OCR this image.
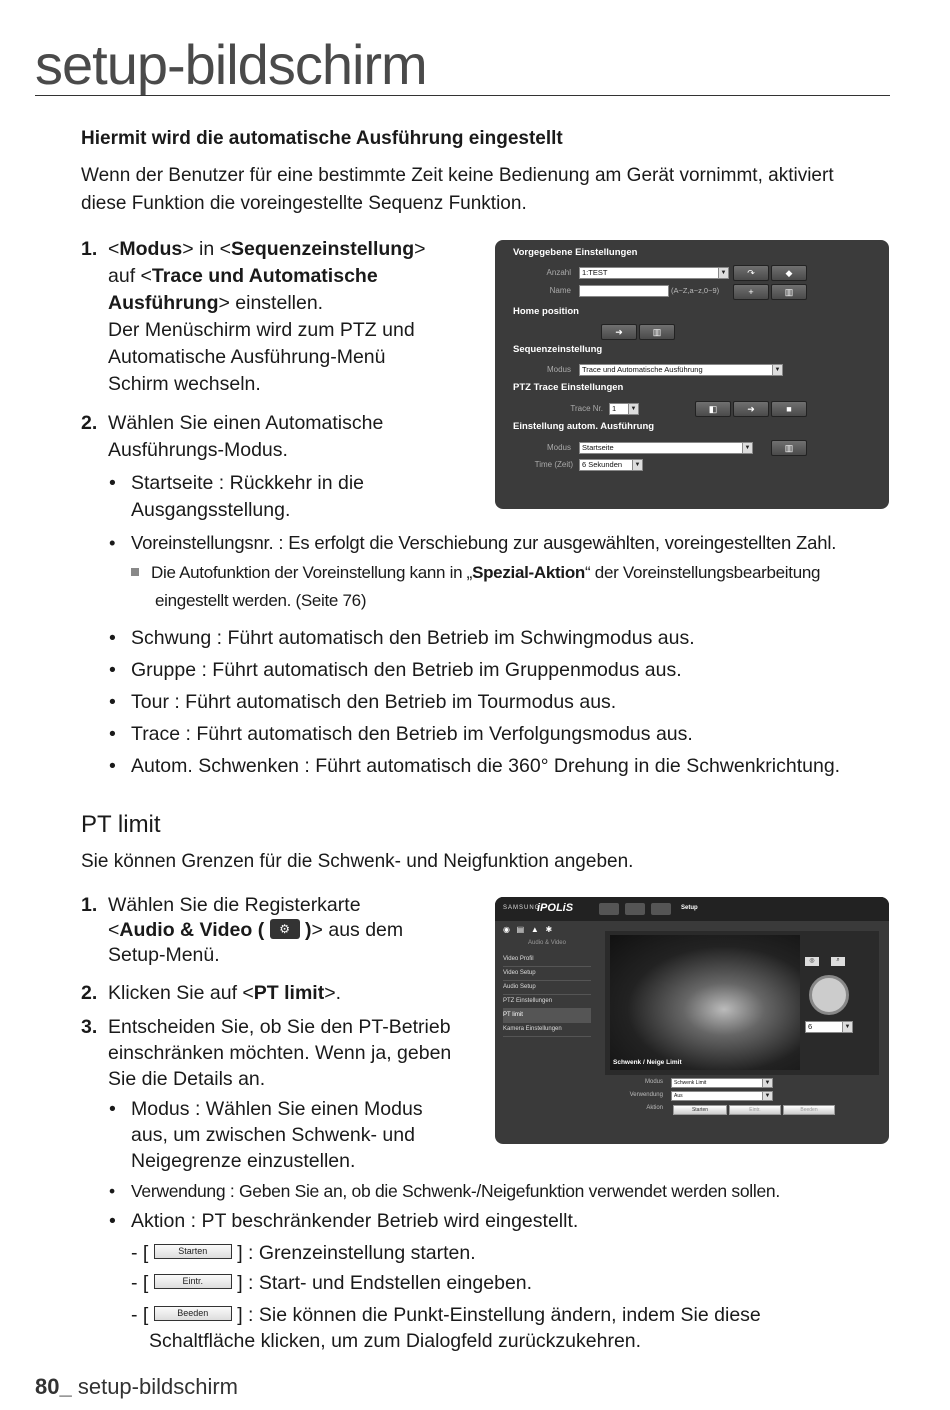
setup-bildschirm
Hiermit wird die automatische Ausführung eingestellt
Wenn der Benutzer für eine bestimmte Zeit keine Bedienung am Gerät vornimmt, aktiviert
diese Funktion die voreingestellte Sequenz Funktion.
1. <Modus> in <Sequenzeinstellung>
auf <Trace und Automatische
Ausführung> einstellen.
Der Menüschirm wird zum PTZ und
Automatische Ausführung-Menü
Schirm wechseln.
2. Wählen Sie einen Automatische
Ausführungs-Modus.
• Startseite : Rückkehr in die
Ausgangsstellung.
• Voreinstellungsnr. : Es erfolgt die Verschiebung zur ausgewählten, voreingestellten Zahl.
Die Autofunktion der Voreinstellung kann in „Spezial-Aktion“ der Voreinstellungsbearbeitung
eingestellt werden. (Seite 76)
• Schwung : Führt automatisch den Betrieb im Schwingmodus aus.
• Gruppe : Führt automatisch den Betrieb im Gruppenmodus aus.
• Tour : Führt automatisch den Betrieb im Tourmodus aus.
• Trace : Führt automatisch den Betrieb im Verfolgungsmodus aus.
• Autom. Schwenken : Führt automatisch die 360° Drehung in die Schwenkrichtung.
Vorgegebene Einstellungen
Anzahl	1:TEST	▼	↷	◆
Name	(A~Z,a~z,0~9)	+	▥
Home position
➜	▥
Sequenzeinstellung
Modus	Trace und Automatische Ausführung	▼
PTZ Trace Einstellungen
Trace Nr.	1	▼	◧	➜	■
Einstellung autom. Ausführung
Modus	Startseite	▼	▥
Time (Zeit)	6 Sekunden	▼
PT limit
Sie können Grenzen für die Schwenk- und Neigfunktion angeben.
1. Wählen Sie die Registerkarte
<Audio & Video ( ⚙ )> aus dem
Setup-Menü.
2. Klicken Sie auf <PT limit>.
3. Entscheiden Sie, ob Sie den PT-Betrieb
einschränken möchten. Wenn ja, geben
Sie die Details an.
• Modus : Wählen Sie einen Modus
aus, um zwischen Schwenk- und
Neigegrenze einzustellen.
• Verwendung : Geben Sie an, ob die Schwenk-/Neigefunktion verwendet werden sollen.
• Aktion : PT beschränkender Betrieb wird eingestellt.
- [	Starten ] : Grenzeinstellung starten.
- [	Eintr. ] : Start- und Endstellen eingeben.
- [	Beeden ] : Sie können die Punkt-Einstellung ändern, indem Sie diese
Schaltfläche klicken, um zum Dialogfeld zurückzukehren.
SAMSUNG
iPOLiS	Setup
◉ ▤ ▲ ✱
Audio & Video
Video Profil
Video Setup
Audio Setup
PTZ Einstellungen
PT limit
Kamera Einstellungen
◎	⌕
6	▼
Schwenk / Neige Limit
Modus	Schwenk Limit	▼
Verwendung	Aus	▼
Aktion	Starten	Eintr.	Beeden
80_ setup-bildschirm
